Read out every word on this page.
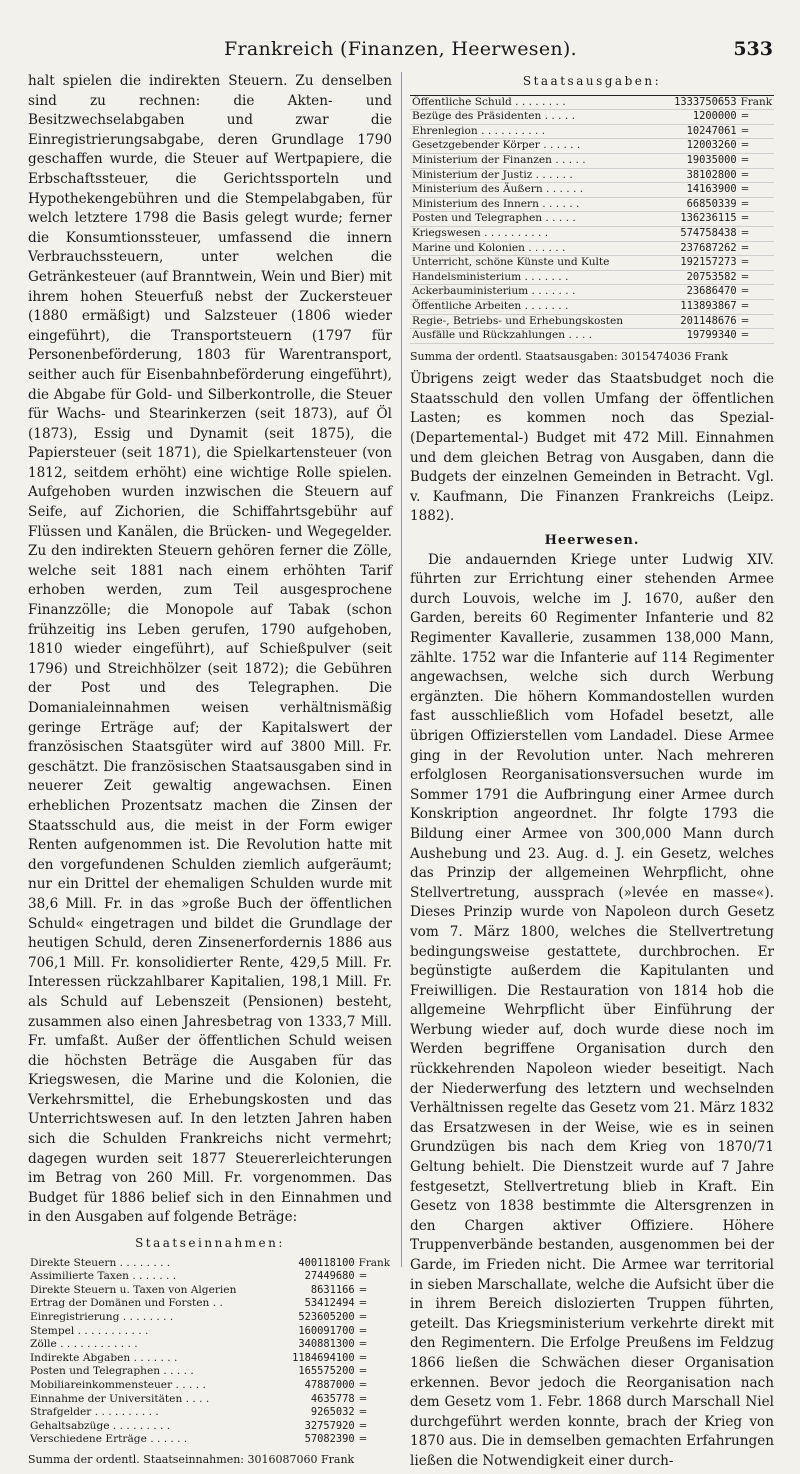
Frankreich (Finanzen, Heerwesen).	533

halt spielen die indirekten Steuern. Zu denselben sind zu rechnen: die Akten- und Besitzwechselabgaben und zwar die Einregistrierungsabgabe, deren Grundlage 1790 geschaffen wurde, die Steuer auf Wertpapiere, die Erbschaftssteuer, die Gerichtssporteln und Hypothekengebühren und die Stempelabgaben, für welch letztere 1798 die Basis gelegt wurde; ferner die Konsumtionssteuer, umfassend die innern Verbrauchssteuern, unter welchen die Getränkesteuer (auf Branntwein, Wein und Bier) mit ihrem hohen Steuerfuß nebst der Zuckersteuer (1880 ermäßigt) und Salzsteuer (1806 wieder eingeführt), die Transportsteuern (1797 für Personenbeförderung, 1803 für Warentransport, seither auch für Eisenbahnbeförderung eingeführt), die Abgabe für Gold- und Silberkontrolle, die Steuer für Wachs- und Stearinkerzen (seit 1873), auf Öl (1873), Essig und Dynamit (seit 1875), die Papiersteuer (seit 1871), die Spielkartensteuer (von 1812, seitdem erhöht) eine wichtige Rolle spielen. Aufgehoben wurden inzwischen die Steuern auf Seife, auf Zichorien, die Schiffahrtsgebühr auf Flüssen und Kanälen, die Brücken- und Wegegelder. Zu den indirekten Steuern gehören ferner die Zölle, welche seit 1881 nach einem erhöhten Tarif erhoben werden, zum Teil ausgesprochene Finanzzölle; die Monopole auf Tabak (schon frühzeitig ins Leben gerufen, 1790 aufgehoben, 1810 wieder eingeführt), auf Schießpulver (seit 1796) und Streichhölzer (seit 1872); die Gebühren der Post und des Telegraphen. Die Domanialeinnahmen weisen verhältnismäßig geringe Erträge auf; der Kapitalswert der französischen Staatsgüter wird auf 3800 Mill. Fr. geschätzt. Die französischen Staatsausgaben sind in neuerer Zeit gewaltig angewachsen. Einen erheblichen Prozentsatz machen die Zinsen der Staatsschuld aus, die meist in der Form ewiger Renten aufgenommen ist. Die Revolution hatte mit den vorgefundenen Schulden ziemlich aufgeräumt; nur ein Drittel der ehemaligen Schulden wurde mit 38,6 Mill. Fr. in das »große Buch der öffentlichen Schuld« eingetragen und bildet die Grundlage der heutigen Schuld, deren Zinsenerfordernis 1886 aus 706,1 Mill. Fr. konsolidierter Rente, 429,5 Mill. Fr. Interessen rückzahlbarer Kapitalien, 198,1 Mill. Fr. als Schuld auf Lebenszeit (Pensionen) besteht, zusammen also einen Jahresbetrag von 1333,7 Mill. Fr. umfaßt. Außer der öffentlichen Schuld weisen die höchsten Beträge die Ausgaben für das Kriegswesen, die Marine und die Kolonien, die Verkehrsmittel, die Erhebungskosten und das Unterrichtswesen auf. In den letzten Jahren haben sich die Schulden Frankreichs nicht vermehrt; dagegen wurden seit 1877 Steuererleichterungen im Betrag von 260 Mill. Fr. vorgenommen. Das Budget für 1886 belief sich in den Einnahmen und in den Ausgaben auf folgende Beträge:

Staatseinnahmen:
Direkte Steuern . . . . . . . .	400118100	Frank
Assimilierte Taxen . . . . . . .	27449680	=
Direkte Steuern u. Taxen von Algerien	8631166	=
Ertrag der Domänen und Forsten . .	53412494	=
Einregistrierung . . . . . . . .	523605200	=
Stempel . . . . . . . . . . .	160091700	=
Zölle . . . . . . . . . . . .	340881300	=
Indirekte Abgaben . . . . . . .	1184694100	=
Posten und Telegraphen . . . . .	165575200	=
Mobiliareinkommensteuer . . . . .	47887000	=
Einnahme der Universitäten . . . .	4635778	=
Strafgelder . . . . . . . . . .	9265032	=
Gehaltsabzüge . . . . . . . . .	32757920	=
Verschiedene Erträge . . . . . .	57082390	=
Summa der ordentl. Staatseinnahmen: 3016087060 Frank
Staatsausgaben:
Öffentliche Schuld . . . . . . . .	1333750653	Frank
Bezüge des Präsidenten . . . . .	1200000	=
Ehrenlegion . . . . . . . . . .	10247061	=
Gesetzgebender Körper . . . . . .	12003260	=
Ministerium der Finanzen . . . . .	19035000	=
Ministerium der Justiz . . . . . .	38102800	=
Ministerium des Äußern . . . . . .	14163900	=
Ministerium des Innern . . . . . .	66850339	=
Posten und Telegraphen . . . . .	136236115	=
Kriegswesen . . . . . . . . . .	574758438	=
Marine und Kolonien . . . . . .	237687262	=
Unterricht, schöne Künste und Kulte	192157273	=
Handelsministerium . . . . . . .	20753582	=
Ackerbauministerium . . . . . . .	23686470	=
Öffentliche Arbeiten . . . . . . .	113893867	=
Regie-, Betriebs- und Erhebungskosten	201148676	=
Ausfälle und Rückzahlungen . . . .	19799340	=
Summa der ordentl. Staatsausgaben: 3015474036 Frank

Übrigens zeigt weder das Staatsbudget noch die Staatsschuld den vollen Umfang der öffentlichen Lasten; es kommen noch das Spezial- (Departemental-) Budget mit 472 Mill. Einnahmen und dem gleichen Betrag von Ausgaben, dann die Budgets der einzelnen Gemeinden in Betracht. Vgl. v. Kaufmann, Die Finanzen Frankreichs (Leipz. 1882).

Heerwesen.

Die andauernden Kriege unter Ludwig XIV. führten zur Errichtung einer stehenden Armee durch Louvois, welche im J. 1670, außer den Garden, bereits 60 Regimenter Infanterie und 82 Regimenter Kavallerie, zusammen 138,000 Mann, zählte. 1752 war die Infanterie auf 114 Regimenter angewachsen, welche sich durch Werbung ergänzten. Die höhern Kommandostellen wurden fast ausschließlich vom Hofadel besetzt, alle übrigen Offizierstellen vom Landadel. Diese Armee ging in der Revolution unter. Nach mehreren erfolglosen Reorganisationsversuchen wurde im Sommer 1791 die Aufbringung einer Armee durch Konskription angeordnet. Ihr folgte 1793 die Bildung einer Armee von 300,000 Mann durch Aushebung und 23. Aug. d. J. ein Gesetz, welches das Prinzip der allgemeinen Wehrpflicht, ohne Stellvertretung, aussprach (»levée en masse«). Dieses Prinzip wurde von Napoleon durch Gesetz vom 7. März 1800, welches die Stellvertretung bedingungsweise gestattete, durchbrochen. Er begünstigte außerdem die Kapitulanten und Freiwilligen. Die Restauration von 1814 hob die allgemeine Wehrpflicht über Einführung der Werbung wieder auf, doch wurde diese noch im Werden begriffene Organisation durch den rückkehrenden Napoleon wieder beseitigt. Nach der Niederwerfung des letztern und wechselnden Verhältnissen regelte das Gesetz vom 21. März 1832 das Ersatzwesen in der Weise, wie es in seinen Grundzügen bis nach dem Krieg von 1870/71 Geltung behielt. Die Dienstzeit wurde auf 7 Jahre festgesetzt, Stellvertretung blieb in Kraft. Ein Gesetz von 1838 bestimmte die Altersgrenzen in den Chargen aktiver Offiziere. Höhere Truppenverbände bestanden, ausgenommen bei der Garde, im Frieden nicht. Die Armee war territorial in sieben Marschallate, welche die Aufsicht über die in ihrem Bereich dislozierten Truppen führten, geteilt. Das Kriegsministerium verkehrte direkt mit den Regimentern. Die Erfolge Preußens im Feldzug 1866 ließen die Schwächen dieser Organisation erkennen. Bevor jedoch die Reorganisation nach dem Gesetz vom 1. Febr. 1868 durch Marschall Niel durchgeführt werden konnte, brach der Krieg von 1870 aus. Die in demselben gemachten Erfahrungen ließen die Notwendigkeit einer durch-
